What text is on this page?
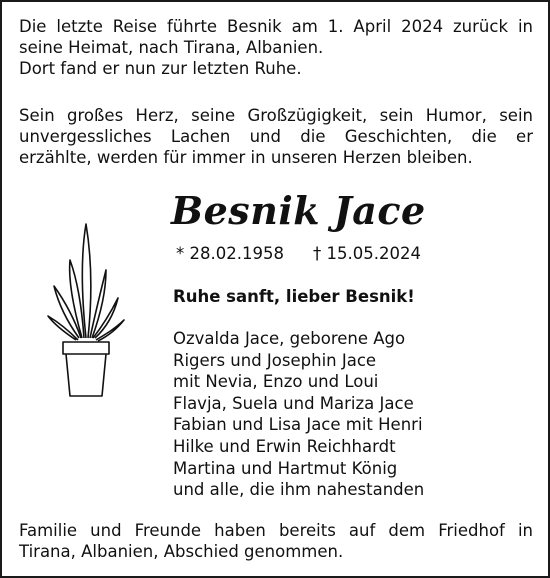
Die letzte Reise führte Besnik am 1. April 2024 zurück in
seine Heimat, nach Tirana, Albanien.
Dort fand er nun zur letzten Ruhe.

Sein großes Herz, seine Großzügigkeit, sein Humor, sein
unvergessliches Lachen und die Geschichten, die er
erzählte, werden für immer in unseren Herzen bleiben.

Besnik Jace
* 28.02.1958 † 15.05.2024
Ruhe sanft, lieber Besnik!
Ozvalda Jace, geborene Ago
Rigers und Josephin Jace
mit Nevia, Enzo und Loui
Flavja, Suela und Mariza Jace
Fabian und Lisa Jace mit Henri
Hilke und Erwin Reichhardt
Martina und Hartmut König
und alle, die ihm nahestanden

Familie und Freunde haben bereits auf dem Friedhof in
Tirana, Albanien, Abschied genommen.
